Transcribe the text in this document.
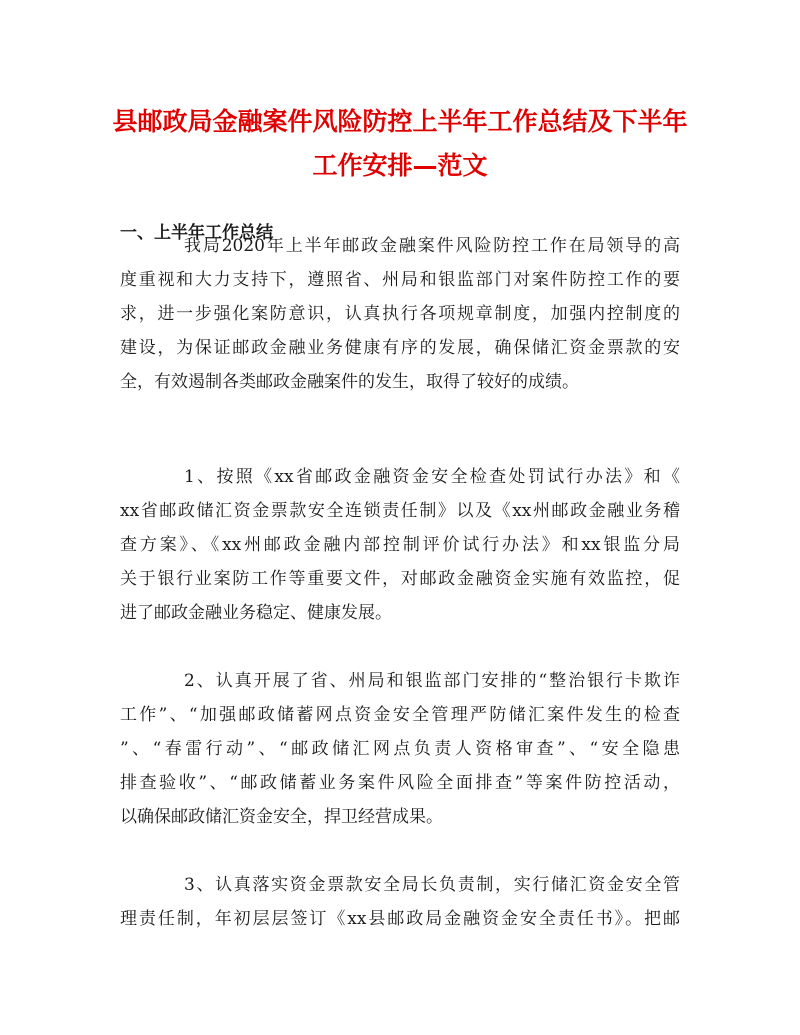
县邮政局金融案件风险防控上半年工作总结及下半年
工作安排—范文
一、上半年工作总结
我局2020年上半年邮政金融案件风险防控工作在局领导的高
度重视和大力支持下，遵照省、州局和银监部门对案件防控工作的要
求，进一步强化案防意识，认真执行各项规章制度，加强内控制度的
建设，为保证邮政金融业务健康有序的发展，确保储汇资金票款的安
全，有效遏制各类邮政金融案件的发生，取得了较好的成绩。
1、按照《xx省邮政金融资金安全检查处罚试行办法》和《
xx省邮政储汇资金票款安全连锁责任制》以及《xx州邮政金融业务稽
查方案》、《xx州邮政金融内部控制评价试行办法》和xx银监分局
关于银行业案防工作等重要文件，对邮政金融资金实施有效监控，促
进了邮政金融业务稳定、健康发展。
2、认真开展了省、州局和银监部门安排的“整治银行卡欺诈
工作”、“加强邮政储蓄网点资金安全管理严防储汇案件发生的检查
”、“春雷行动”、“邮政储汇网点负责人资格审查”、“安全隐患
排查验收”、“邮政储蓄业务案件风险全面排查”等案件防控活动，
以确保邮政储汇资金安全，捍卫经营成果。
3、认真落实资金票款安全局长负责制，实行储汇资金安全管
理责任制，年初层层签订《xx县邮政局金融资金安全责任书》。把邮
